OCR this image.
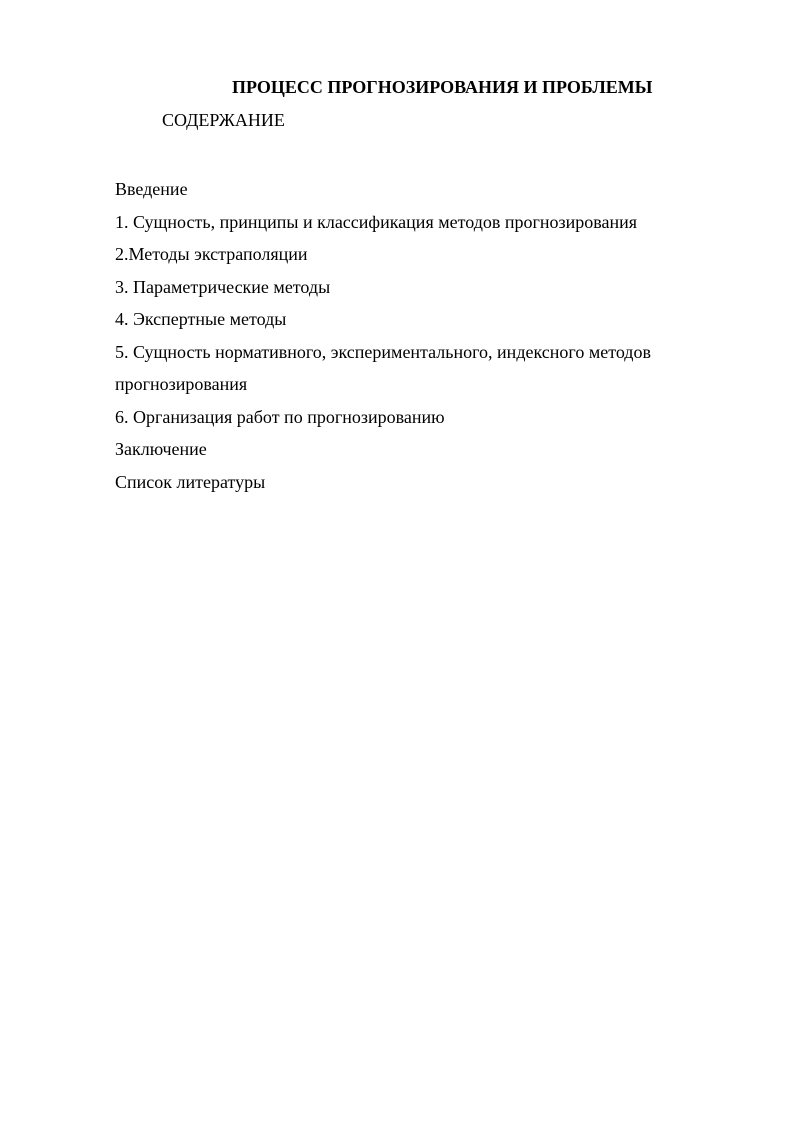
ПРОЦЕСС ПРОГНОЗИРОВАНИЯ И ПРОБЛЕМЫ
СОДЕРЖАНИЕ
Введение
1. Сущность, принципы и классификация методов прогнозирования
2.Методы экстраполяции
3. Параметрические методы
4. Экспертные методы
5. Сущность нормативного, экспериментального, индексного методов
прогнозирования
6. Организация работ по прогнозированию
Заключение
Список литературы
